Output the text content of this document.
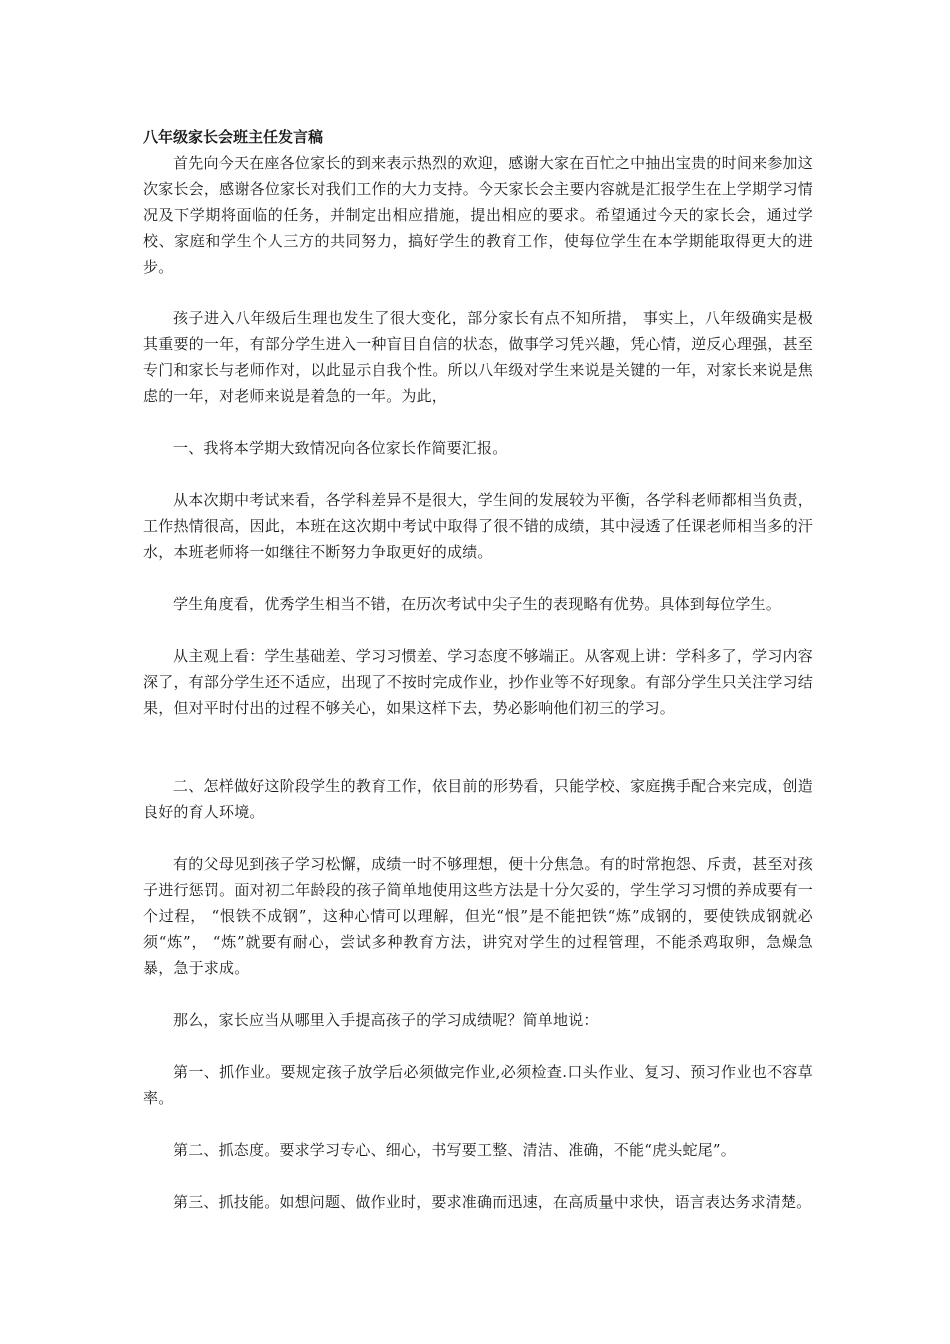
八年级家长会班主任发言稿

首先向今天在座各位家长的到来表示热烈的欢迎，感谢大家在百忙之中抽出宝贵的时间来参加这次家长会，感谢各位家长对我们工作的大力支持。今天家长会主要内容就是汇报学生在上学期学习情况及下学期将面临的任务，并制定出相应措施，提出相应的要求。希望通过今天的家长会，通过学校、家庭和学生个人三方的共同努力，搞好学生的教育工作，使每位学生在本学期能取得更大的进步。

孩子进入八年级后生理也发生了很大变化，部分家长有点不知所措， 事实上，八年级确实是极其重要的一年，有部分学生进入一种盲目自信的状态，做事学习凭兴趣，凭心情，逆反心理强，甚至专门和家长与老师作对，以此显示自我个性。所以八年级对学生来说是关键的一年，对家长来说是焦虑的一年，对老师来说是着急的一年。为此，

一、我将本学期大致情况向各位家长作简要汇报。

从本次期中考试来看，各学科差异不是很大，学生间的发展较为平衡，各学科老师都相当负责，工作热情很高，因此，本班在这次期中考试中取得了很不错的成绩，其中浸透了任课老师相当多的汗水，本班老师将一如继往不断努力争取更好的成绩。

学生角度看，优秀学生相当不错，在历次考试中尖子生的表现略有优势。具体到每位学生。

从主观上看：学生基础差、学习习惯差、学习态度不够端正。从客观上讲：学科多了，学习内容深了，有部分学生还不适应，出现了不按时完成作业，抄作业等不好现象。有部分学生只关注学习结果，但对平时付出的过程不够关心，如果这样下去，势必影响他们初三的学习。

二、怎样做好这阶段学生的教育工作，依目前的形势看，只能学校、家庭携手配合来完成，创造良好的育人环境。

有的父母见到孩子学习松懈，成绩一时不够理想，便十分焦急。有的时常抱怨、斥责，甚至对孩子进行惩罚。面对初二年龄段的孩子简单地使用这些方法是十分欠妥的，学生学习习惯的养成要有一个过程， “恨铁不成钢”，这种心情可以理解，但光“恨”是不能把铁“炼”成钢的，要使铁成钢就必须“炼”， “炼”就要有耐心，尝试多种教育方法，讲究对学生的过程管理，不能杀鸡取卵，急燥急暴，急于求成。

那么，家长应当从哪里入手提高孩子的学习成绩呢？简单地说：

第一、抓作业。要规定孩子放学后必须做完作业,必须检查.口头作业、复习、预习作业也不容草率。

第二、抓态度。要求学习专心、细心，书写要工整、清洁、准确，不能“虎头蛇尾”。

第三、抓技能。如想问题、做作业时，要求准确而迅速，在高质量中求快，语言表达务求清楚。
